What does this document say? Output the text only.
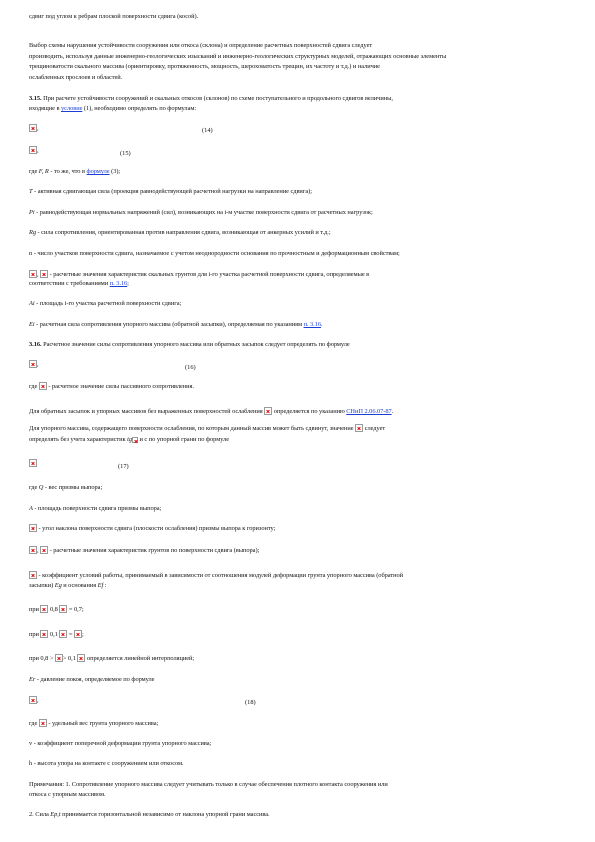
сдвиг под углом к ребрам плоской поверхности сдвига (косой).
Выбор схемы нарушения устойчивости сооружения или откоса (склона) и определение расчетных поверхностей сдвига следует
производить, используя данные инженерно-геологических изысканий и инженерно-геологических структурных моделей, отражающих основные элементы
трещиноватости скального массива (ориентировку, протяженность, мощность, шероховатость трещин, их частоту и т.д.) и наличие
ослабленных прослоев и областей.
3.15. При расчете устойчивости сооружений и скальных откосов (склонов) по схеме поступательного и продольного сдвигов величины,
входящие в условие (1), необходимо определять по формулам:
,	(14)
,	(15)
где F, R - то же, что в формуле (3);
T - активная сдвигающая сила (проекция равнодействующей расчетной нагрузки на направление сдвига);
Pi - равнодействующая нормальных напряжений (сил), возникающих на i-м участке поверхности сдвига от расчетных нагрузок;
Rg - сила сопротивления, ориентированная против направления сдвига, возникающая от анкерных усилий и т.д.;
n - число участков поверхности сдвига, назначаемое с учетом неоднородности основания по прочностным и деформационным свойствам;
,  - расчетные значения характеристик скальных грунтов для i-го участка расчетной поверхности сдвига, определяемые в
соответствии с требованиями п. 3.16;
Ai - площадь i-го участка расчетной поверхности сдвига;
Ei - расчетная сила сопротивления упорного массива (обратной засыпки), определяемая по указаниям п. 3.16.
3.16. Расчетное значение силы сопротивления упорного массива или обратных засыпок следует определять по формуле
,	(16)
где  - расчетное значение силы пассивного сопротивления.
Для обратных засыпок и упорных массивов без выраженных поверхностей ослабления  определяется по указанию СНиП 2.06.07-87.
Для упорного массива, содержащего поверхности ослабления, по которым данный массив может быть сдвинут, значение  следует
определять без учета характеристик tg и c по упорной грани по формуле
(17)
где Q - вес призмы выпора;
A - площадь поверхности сдвига призмы выпора;
- угол наклона поверхности сдвига (плоскости ослабления) призмы выпора к горизонту;
,  - расчетные значения характеристик грунтов по поверхности сдвига (выпора);
- коэффициент условий работы, принимаемый в зависимости от соотношения модулей деформации грунта упорного массива (обратной
засыпки) Eg и основания Ef :
при  0,8  = 0,7;
при  0,1  = ;
при 0,8 > > 0,1  определяется линейной интерполяцией;
Er - давление покоя, определяемое по формуле
,	(18)
где  - удельный вес грунта упорного массива;
v - коэффициент поперечной деформации грунта упорного массива;
h - высота упора на контакте с сооружением или откосом.
Примечания: 1. Сопротивление упорного массива следует учитывать только в случае обеспечения плотного контакта сооружения или
откоса с упорным массивом.
2. Сила Ep,t принимается горизонтальной независимо от наклона упорной грани массива.
